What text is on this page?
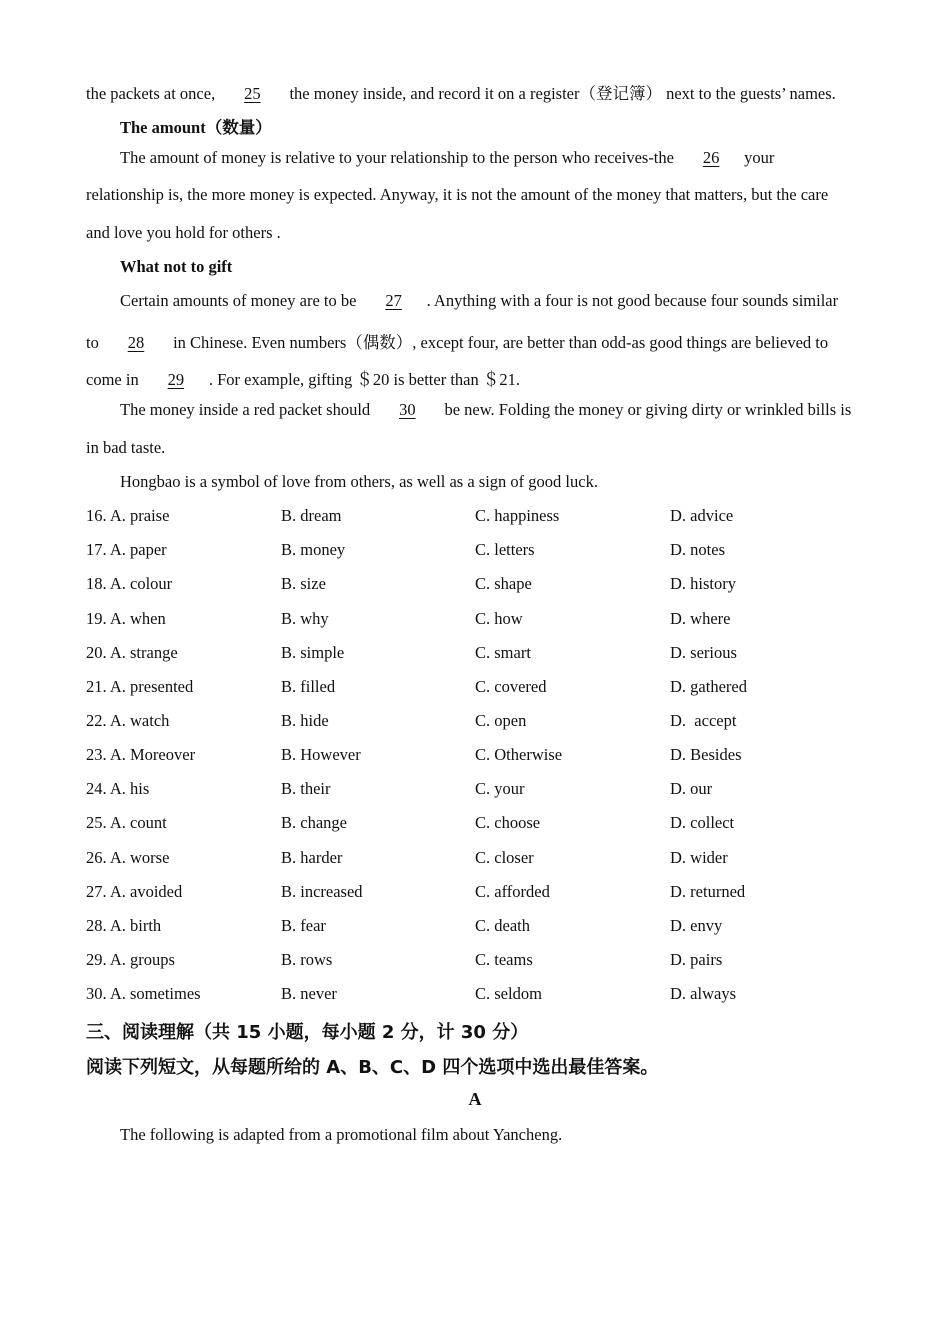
the packets at once, 25 the money inside, and record it on a register（登记簿） next to the guests’ names.
The amount（数量）
The amount of money is relative to your relationship to the person who receives-the 26 your
relationship is, the more money is expected. Anyway, it is not the amount of the money that matters, but the care
and love you hold for others .
What not to gift
Certain amounts of money are to be 27 . Anything with a four is not good because four sounds similar
to 28 in Chinese. Even numbers（偶数）, except four, are better than odd-as good things are believed to
come in 29 . For example, gifting ＄20 is better than ＄21.
The money inside a red packet should 30 be new. Folding the money or giving dirty or wrinkled bills is
in bad taste.
Hongbao is a symbol of love from others, as well as a sign of good luck.
16. A. praise	B. dream	C. happiness	D. advice
17. A. paper	B. money	C. letters	D. notes
18. A. colour	B. size	C. shape	D. history
19. A. when	B. why	C. how	D. where
20. A. strange	B. simple	C. smart	D. serious
21. A. presented	B. filled	C. covered	D. gathered
22. A. watch	B. hide	C. open	D.  accept
23. A. Moreover	B. However	C. Otherwise	D. Besides
24. A. his	B. their	C. your	D. our
25. A. count	B. change	C. choose	D. collect
26. A. worse	B. harder	C. closer	D. wider
27. A. avoided	B. increased	C. afforded	D. returned
28. A. birth	B. fear	C. death	D. envy
29. A. groups	B. rows	C. teams	D. pairs
30. A. sometimes	B. never	C. seldom	D. always
三、阅读理解（共 15 小题，每小题 2 分，计 30 分）
阅读下列短文，从每题所给的 A、B、C、D 四个选项中选出最佳答案。
A
The following is adapted from a promotional film about Yancheng.
